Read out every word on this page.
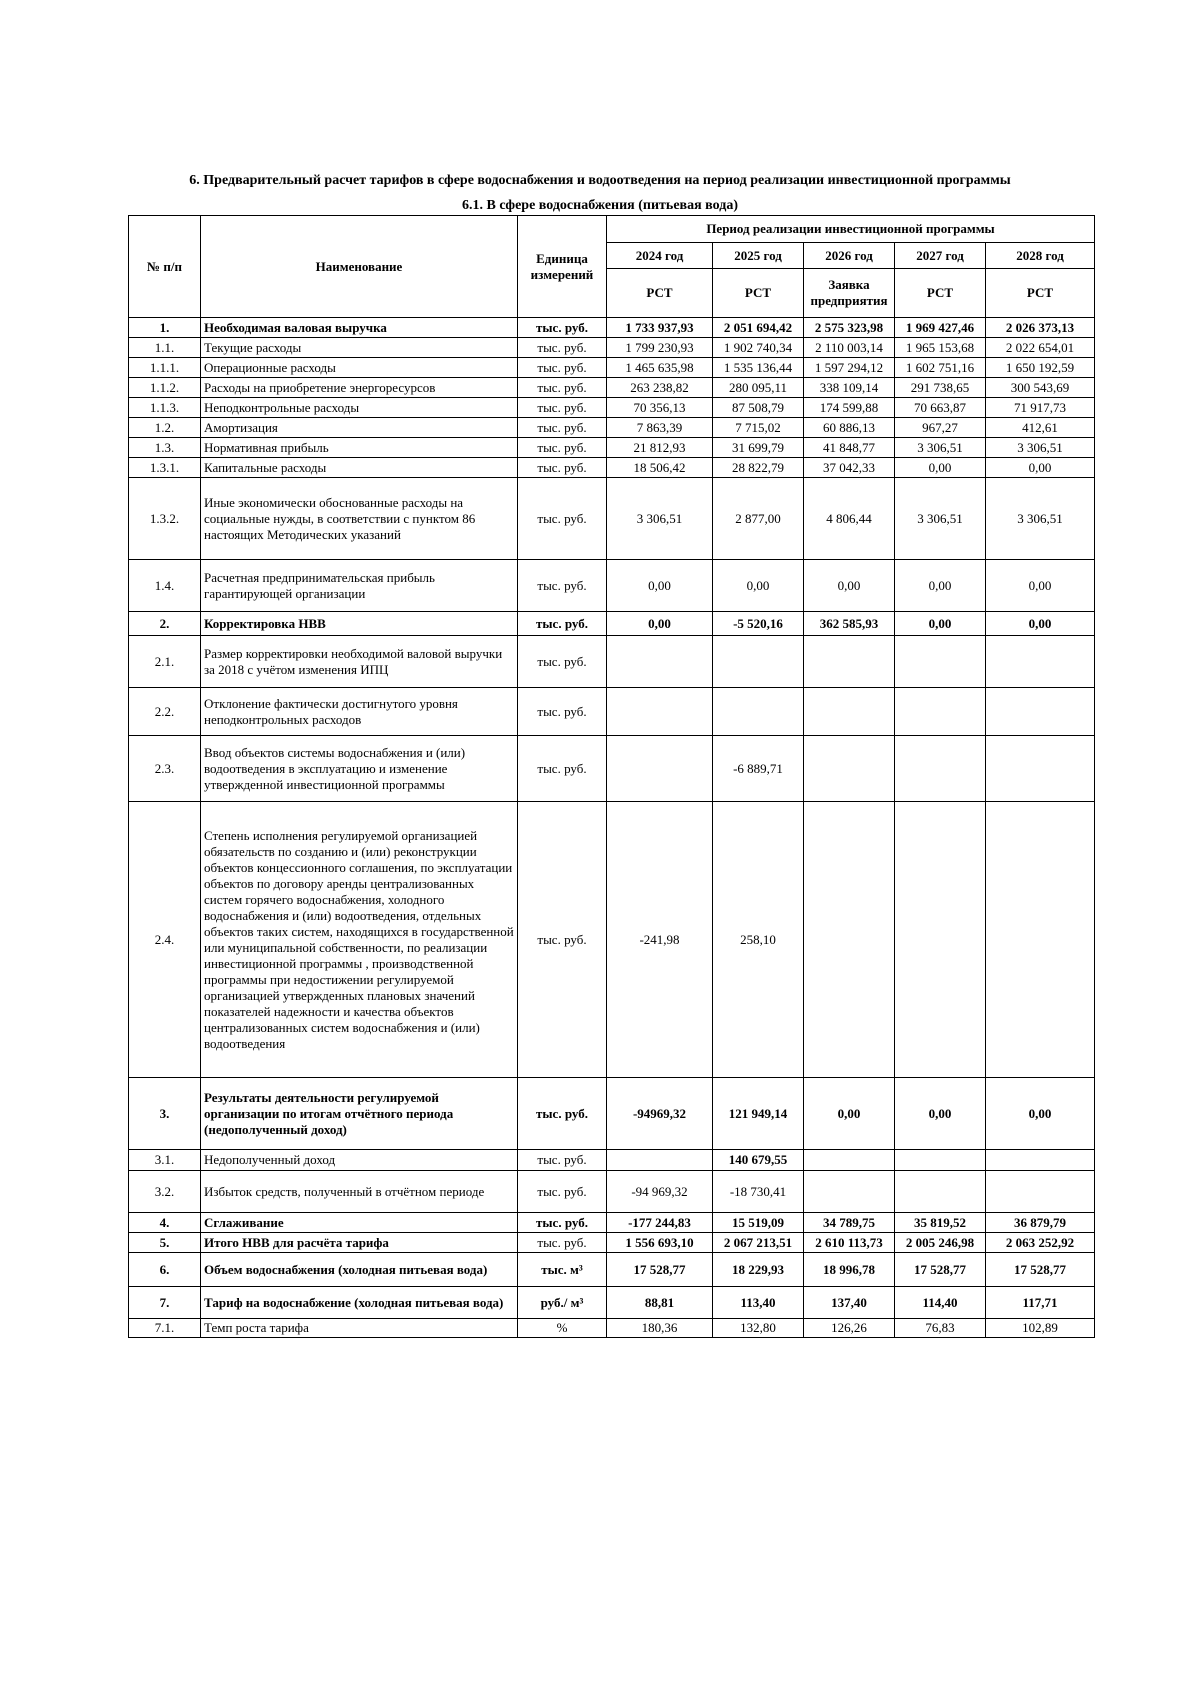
6. Предварительный расчет тарифов в сфере водоснабжения и водоотведения на период реализации инвестиционной программы
6.1. В сфере водоснабжения (питьевая вода)
№ п/п	Наименование	Единица измерений	Период реализации инвестиционной программы				
			2024 год	2025 год	2026 год	2027 год	2028 год
			РСТ	РСТ	Заявка предприятия	РСТ	РСТ
1.	Необходимая валовая выручка	тыс. руб.	1 733 937,93	2 051 694,42	2 575 323,98	1 969 427,46	2 026 373,13
1.1.	Текущие расходы	тыс. руб.	1 799 230,93	1 902 740,34	2 110 003,14	1 965 153,68	2 022 654,01
1.1.1.	Операционные расходы	тыс. руб.	1 465 635,98	1 535 136,44	1 597 294,12	1 602 751,16	1 650 192,59
1.1.2.	Расходы на приобретение энергоресурсов	тыс. руб.	263 238,82	280 095,11	338 109,14	291 738,65	300 543,69
1.1.3.	Неподконтрольные расходы	тыс. руб.	70 356,13	87 508,79	174 599,88	70 663,87	71 917,73
1.2.	Амортизация	тыс. руб.	7 863,39	7 715,02	60 886,13	967,27	412,61
1.3.	Нормативная прибыль	тыс. руб.	21 812,93	31 699,79	41 848,77	3 306,51	3 306,51
1.3.1.	Капитальные расходы	тыс. руб.	18 506,42	28 822,79	37 042,33	0,00	0,00
1.3.2.	Иные экономически обоснованные расходы на социальные нужды, в соответствии с пунктом 86 настоящих Методических указаний	тыс. руб.	3 306,51	2 877,00	4 806,44	3 306,51	3 306,51
1.4.	Расчетная предпринимательская прибыль гарантирующей организации	тыс. руб.	0,00	0,00	0,00	0,00	0,00
2.	Корректировка НВВ	тыс. руб.	0,00	-5 520,16	362 585,93	0,00	0,00
2.1.	Размер корректировки необходимой валовой выручки за 2018 с учётом изменения ИПЦ	тыс. руб.					
2.2.	Отклонение фактически достигнутого уровня неподконтрольных расходов	тыс. руб.					
2.3.	Ввод объектов системы водоснабжения и (или) водоотведения в эксплуатацию и изменение утвержденной инвестиционной программы	тыс. руб.		-6 889,71			
2.4.	Степень исполнения регулируемой организацией обязательств по созданию и (или) реконструкции объектов концессионного соглашения, по эксплуатации объектов по договору аренды централизованных систем горячего водоснабжения, холодного водоснабжения и (или) водоотведения, отдельных объектов таких систем, находящихся в государственной или муниципальной собственности, по реализации инвестиционной программы , производственной программы при недостижении регулируемой организацией утвержденных плановых значений показателей надежности и качества объектов централизованных систем водоснабжения и (или) водоотведения	тыс. руб.	-241,98	258,10			
3.	Результаты деятельности регулируемой организации по итогам отчётного периода (недополученный доход)	тыс. руб.	-94969,32	121 949,14	0,00	0,00	0,00
3.1.	Недополученный доход	тыс. руб.		140 679,55			
3.2.	Избыток средств, полученный в отчётном периоде	тыс. руб.	-94 969,32	-18 730,41			
4.	Сглаживание	тыс. руб.	-177 244,83	15 519,09	34 789,75	35 819,52	36 879,79
5.	Итого НВВ для расчёта тарифа	тыс. руб.	1 556 693,10	2 067 213,51	2 610 113,73	2 005 246,98	2 063 252,92
6.	Объем водоснабжения (холодная питьевая вода)	тыс. м³	17 528,77	18 229,93	18 996,78	17 528,77	17 528,77
7.	Тариф на водоснабжение (холодная питьевая вода)	руб./ м³	88,81	113,40	137,40	114,40	117,71
7.1.	Темп роста тарифа	%	180,36	132,80	126,26	76,83	102,89
